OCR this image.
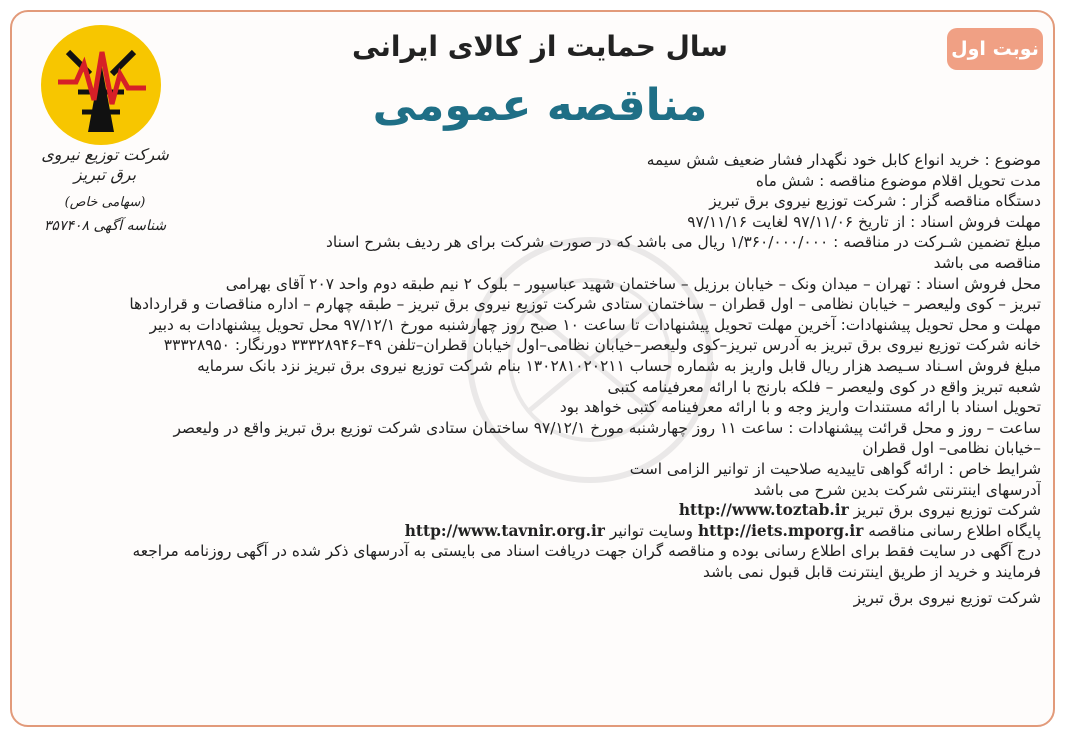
نوبت اول
سال حمایت از کالای ایرانی
مناقصه عمومی
شرکت توزیع نیروی برق تبریز
(سهامی خاص)
شناسه آگهی ۳۵۷۴۰۸
موضوع : خرید انواع کابل خود نگهدار فشار ضعیف شش سیمه
مدت تحویل اقلام موضوع مناقصه : شش ماه
دستگاه مناقصه گزار : شرکت توزیع نیروی برق تبریز
مهلت فروش اسناد : از تاریخ ۹۷/۱۱/۰۶ لغایت ۹۷/۱۱/۱۶
مبلغ تضمین شـرکت در مناقصه : ۱/۳۶۰/۰۰۰/۰۰۰ ریال می باشد که در صورت شرکت برای هر ردیف بشرح اسناد
مناقصه می باشد
محل فروش اسناد : تهران – میدان ونک – خیابان برزیل – ساختمان شهید عباسپور – بلوک ۲ نیم طبقه دوم واحد ۲۰۷ آقای بهرامی
تبریز – کوی ولیعصر – خیابان نظامی – اول قطران – ساختمان ستادی شرکت توزیع نیروی برق تبریز – طبقه چهارم – اداره مناقصات و قراردادها
مهلت و محل تحویل پیشنهادات: آخرین مهلت تحویل پیشنهادات تا ساعت ۱۰ صبح روز چهارشنبه مورخ ۹۷/۱۲/۱ محل تحویل پیشنهادات به دبیر
خانه شرکت توزیع نیروی برق تبریز به آدرس تبریز–کوی ولیعصر–خیابان نظامی–اول خیابان قطران–تلفن ۴۹–۳۳۳۲۸۹۴۶ دورنگار: ۳۳۳۲۸۹۵۰
مبلغ فروش اسـناد سـیصد هزار ریال قابل واریز به شماره حساب ۱۳۰۲۸۱۰۲۰۲۱۱ بنام شرکت توزیع نیروی برق تبریز نزد بانک سرمایه
شعبه تبریز واقع در کوی ولیعصر – فلکه بارنج با ارائه معرفینامه کتبی
تحویل اسناد با ارائه مستندات واریز وجه و با ارائه معرفینامه کتبی خواهد بود
ساعت – روز و محل قرائت پیشنهادات : ساعت ۱۱ روز چهارشنبه مورخ ۹۷/۱۲/۱ ساختمان ستادی شرکت توزیع برق تبریز واقع در ولیعصر
–خیابان نظامی– اول قطران
شرایط خاص : ارائه گواهی تاییدیه صلاحیت از توانیر الزامی است
آدرسهای اینترنتی شرکت بدین شرح می باشد
شرکت توزیع نیروی برق تبریز http://www.toztab.ir
پایگاه اطلاع رسانی مناقصه http://iets.mporg.ir وسایت توانیر http://www.tavnir.org.ir
درج آگهی در سایت فقط برای اطلاع رسانی بوده و مناقصه گران جهت دریافت اسناد می بایستی به آدرسهای ذکر شده در آگهی روزنامه مراجعه
فرمایند و خرید از طریق اینترنت قابل قبول نمی باشد
شرکت توزیع نیروی برق تبریز
